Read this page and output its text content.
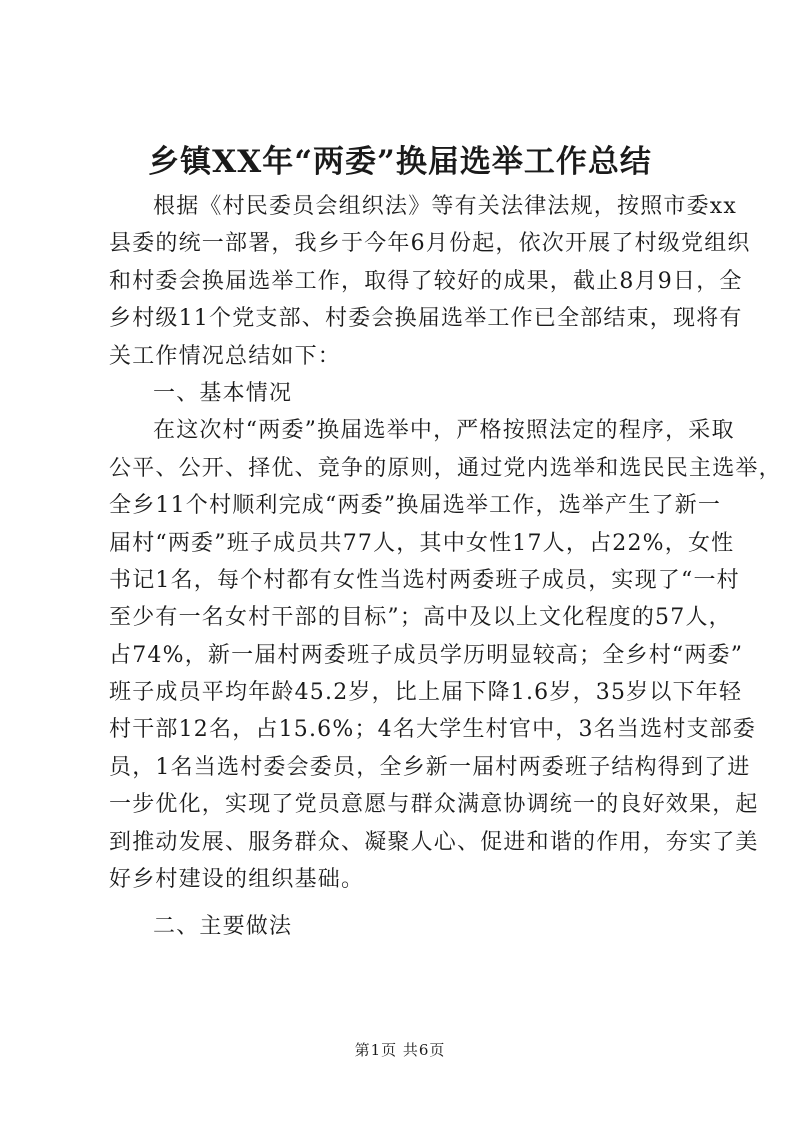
乡镇XX年“两委”换届选举工作总结
根据《村民委员会组织法》等有关法律法规，按照市委xx
县委的统一部署，我乡于今年6月份起，依次开展了村级党组织
和村委会换届选举工作，取得了较好的成果，截止8月9日，全
乡村级11个党支部、村委会换届选举工作已全部结束，现将有
关工作情况总结如下：
一、基本情况
在这次村“两委”换届选举中，严格按照法定的程序，采取
公平、公开、择优、竞争的原则，通过党内选举和选民民主选举，
全乡11个村顺利完成“两委”换届选举工作，选举产生了新一
届村“两委”班子成员共77人，其中女性17人，占22%，女性
书记1名，每个村都有女性当选村两委班子成员，实现了“一村
至少有一名女村干部的目标”；高中及以上文化程度的57人，
占74%，新一届村两委班子成员学历明显较高；全乡村“两委”
班子成员平均年龄45.2岁，比上届下降1.6岁，35岁以下年轻
村干部12名，占15.6%；4名大学生村官中，3名当选村支部委
员，1名当选村委会委员，全乡新一届村两委班子结构得到了进
一步优化，实现了党员意愿与群众满意协调统一的良好效果，起
到推动发展、服务群众、凝聚人心、促进和谐的作用，夯实了美
好乡村建设的组织基础。
二、主要做法
第1页 共6页
